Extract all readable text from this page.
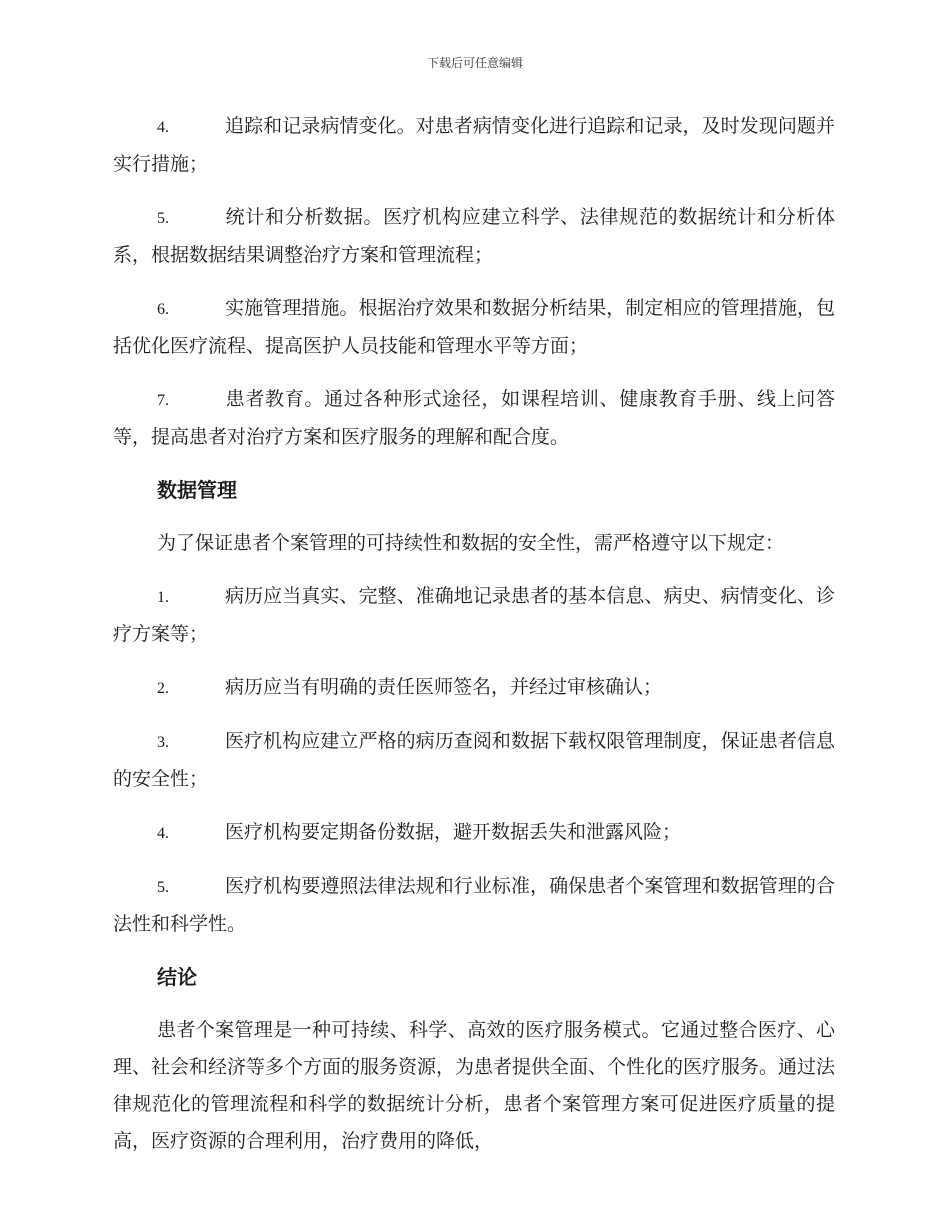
下载后可任意编辑
4.	追踪和记录病情变化。对患者病情变化进行追踪和记录，及时发现问题并实行措施；
5.	统计和分析数据。医疗机构应建立科学、法律规范的数据统计和分析体系，根据数据结果调整治疗方案和管理流程；
6.	实施管理措施。根据治疗效果和数据分析结果，制定相应的管理措施，包括优化医疗流程、提高医护人员技能和管理水平等方面；
7.	患者教育。通过各种形式途径，如课程培训、健康教育手册、线上问答等，提高患者对治疗方案和医疗服务的理解和配合度。
数据管理
为了保证患者个案管理的可持续性和数据的安全性，需严格遵守以下规定：
1.	病历应当真实、完整、准确地记录患者的基本信息、病史、病情变化、诊疗方案等；
2.	病历应当有明确的责任医师签名，并经过审核确认；
3.	医疗机构应建立严格的病历查阅和数据下载权限管理制度，保证患者信息的安全性；
4.	医疗机构要定期备份数据，避开数据丢失和泄露风险；
5.	医疗机构要遵照法律法规和行业标准，确保患者个案管理和数据管理的合法性和科学性。
结论
患者个案管理是一种可持续、科学、高效的医疗服务模式。它通过整合医疗、心理、社会和经济等多个方面的服务资源，为患者提供全面、个性化的医疗服务。通过法律规范化的管理流程和科学的数据统计分析，患者个案管理方案可促进医疗质量的提高，医疗资源的合理利用，治疗费用的降低，
